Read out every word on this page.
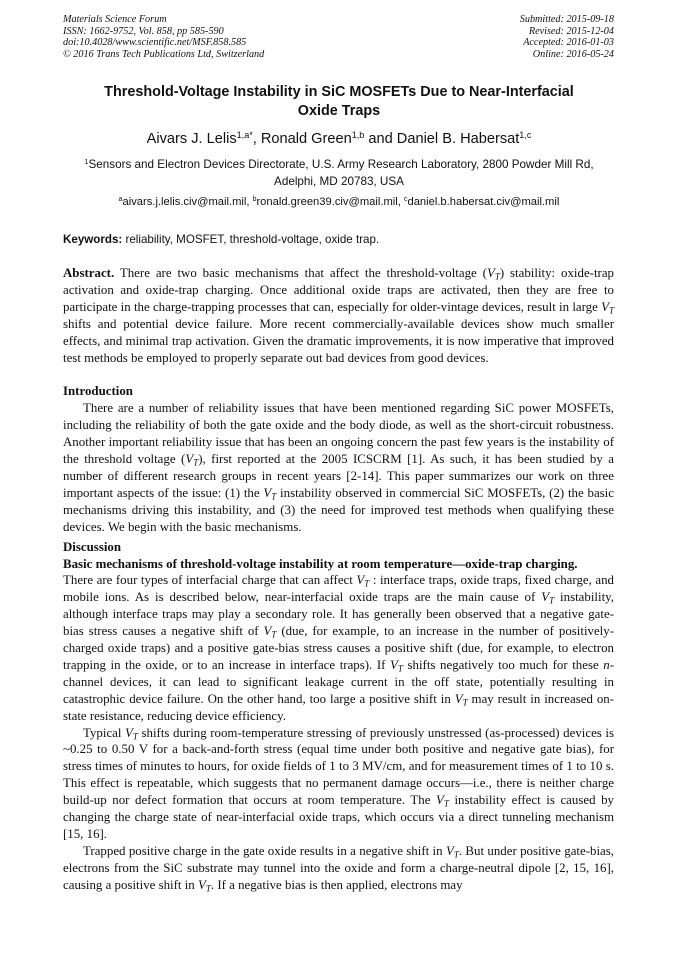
Materials Science Forum
ISSN: 1662-9752, Vol. 858, pp 585-590
doi:10.4028/www.scientific.net/MSF.858.585
© 2016 Trans Tech Publications Ltd, Switzerland
Submitted: 2015-09-18
Revised: 2015-12-04
Accepted: 2016-01-03
Online: 2016-05-24
Threshold-Voltage Instability in SiC MOSFETs Due to Near-Interfacial
Oxide Traps
Aivars J. Lelis$^{1,a*}$, Ronald Green$^{1,b}$ and Daniel B. Habersat$^{1,c}$
$^1$Sensors and Electron Devices Directorate, U.S. Army Research Laboratory, 2800 Powder Mill Rd,
Adelphi, MD 20783, USA
$^a$aivars.j.lelis.civ@mail.mil, $^b$ronald.green39.civ@mail.mil, $^c$daniel.b.habersat.civ@mail.mil
Keywords: reliability, MOSFET, threshold-voltage, oxide trap.

Abstract. There are two basic mechanisms that affect the threshold-voltage $(V_T)$ stability: oxide-trap activation and oxide-trap charging. Once additional oxide traps are activated, then they are free to participate in the charge-trapping processes that can, especially for older-vintage devices, result in large $V_T$ shifts and potential device failure. More recent commercially-available devices show much smaller effects, and minimal trap activation. Given the dramatic improvements, it is now imperative that improved test methods be employed to properly separate out bad devices from good devices.

Introduction

There are a number of reliability issues that have been mentioned regarding SiC power MOSFETs, including the reliability of both the gate oxide and the body diode, as well as the short-circuit robustness. Another important reliability issue that has been an ongoing concern the past few years is the instability of the threshold voltage $(V_T)$, first reported at the 2005 ICSCRM [1]. As such, it has been studied by a number of different research groups in recent years [2-14]. This paper summarizes our work on three important aspects of the issue: (1) the $V_T$ instability observed in commercial SiC MOSFETs, (2) the basic mechanisms driving this instability, and (3) the need for improved test methods when qualifying these devices. We begin with the basic mechanisms.

Discussion

Basic mechanisms of threshold-voltage instability at room temperature—oxide-trap charging.

There are four types of interfacial charge that can affect $V_T$ : interface traps, oxide traps, fixed charge, and mobile ions. As is described below, near-interfacial oxide traps are the main cause of $V_T$ instability, although interface traps may play a secondary role. It has generally been observed that a negative gate-bias stress causes a negative shift of $V_T$ (due, for example, to an increase in the number of positively-charged oxide traps) and a positive gate-bias stress causes a positive shift (due, for example, to electron trapping in the oxide, or to an increase in interface traps). If $V_T$ shifts negatively too much for these n-channel devices, it can lead to significant leakage current in the off state, potentially resulting in catastrophic device failure. On the other hand, too large a positive shift in $V_T$ may result in increased on-state resistance, reducing device efficiency.

Typical $V_T$ shifts during room-temperature stressing of previously unstressed (as-processed) devices is ~0.25 to 0.50 V for a back-and-forth stress (equal time under both positive and negative gate bias), for stress times of minutes to hours, for oxide fields of 1 to 3 MV/cm, and for measurement times of 1 to 10 s. This effect is repeatable, which suggests that no permanent damage occurs—i.e., there is neither charge build-up nor defect formation that occurs at room temperature. The $V_T$ instability effect is caused by changing the charge state of near-interfacial oxide traps, which occurs via a direct tunneling mechanism [15, 16].

Trapped positive charge in the gate oxide results in a negative shift in $V_T$. But under positive gate-bias, electrons from the SiC substrate may tunnel into the oxide and form a charge-neutral dipole [2, 15, 16], causing a positive shift in $V_T$. If a negative bias is then applied, electrons may
